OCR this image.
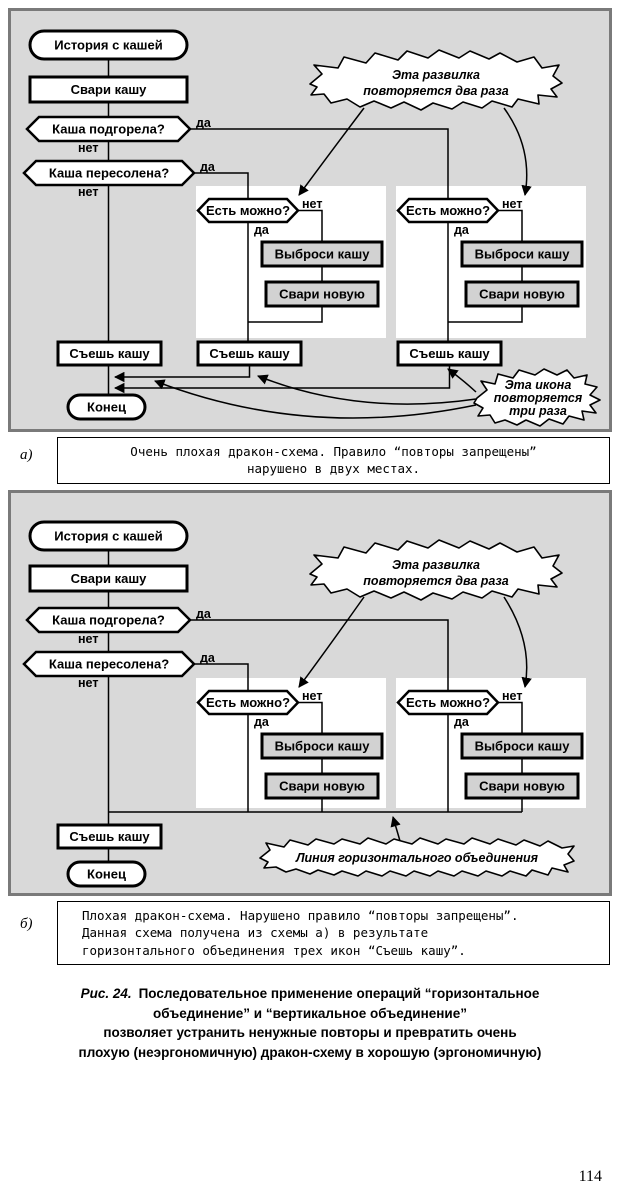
История с кашей
Свари кашу
Каша подгорела? да
нет
Каша пересолена? да
нет
Есть можно? нет
да
Выброси кашу
Свари новую
Есть можно? нет
да
Выброси кашу
Свари новую
Съешь кашу	Съешь кашу	Съешь кашу
Конец
Эта развилка
повторяется два раза
Эта икона
повторяется
три раза
а)	Очень плохая дракон-схема. Правило “повторы запрещены”
нарушено в двух местах.
История с кашей
Свари кашу
Каша подгорела? да
нет
Каша пересолена? да
нет
Есть можно? нет
да
Выброси кашу
Свари новую
Есть можно? нет
да
Выброси кашу
Свари новую
Съешь кашу
Конец
Эта развилка
повторяется два раза
Линия горизонтального объединения
б)
Плохая дракон-схема. Нарушено правило “повторы запрещены”.
Данная схема получена из схемы а) в результате
горизонтального объединения трех икон “Съешь кашу”.
Рис. 24. Последовательное применение операций “горизонтальное
объединение” и “вертикальное объединение”
позволяет устранить ненужные повторы и превратить очень
плохую (неэргономичную) дракон-схему в хорошую (эргономичную)
114
